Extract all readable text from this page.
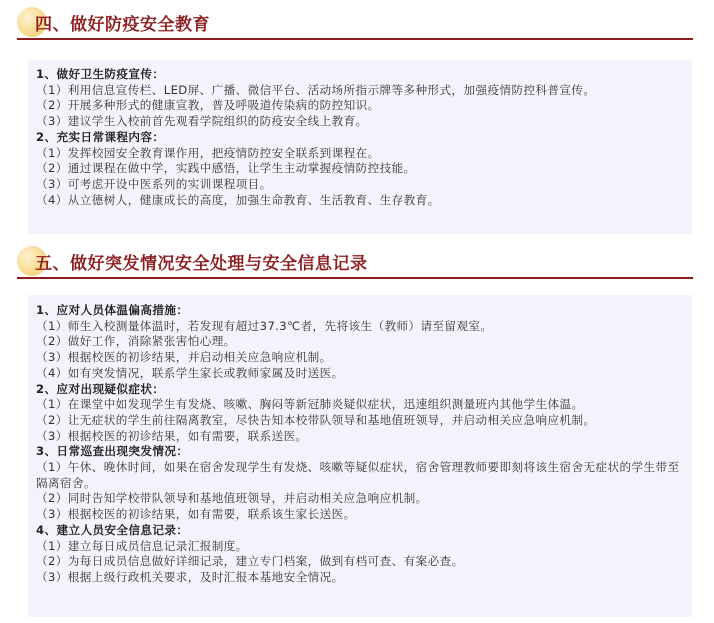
四、做好防疫安全教育
1、做好卫生防疫宣传：
（1）利用信息宣传栏、LED屏、广播、微信平台、活动场所指示牌等多种形式，加强疫情防控科普宣传。
（2）开展多种形式的健康宣教，普及呼吸道传染病的防控知识。
（3）建议学生入校前首先观看学院组织的防疫安全线上教育。
2、充实日常课程内容：
（1）发挥校园安全教育课作用，把疫情防控安全联系到课程在。
（2）通过课程在做中学，实践中感悟，让学生主动掌握疫情防控技能。
（3）可考虑开设中医系列的实训课程项目。
（4）从立德树人，健康成长的高度，加强生命教育、生活教育、生存教育。
五、做好突发情况安全处理与安全信息记录
1、应对人员体温偏高措施：
（1）师生入校测量体温时，若发现有超过37.3℃者，先将该生（教师）请至留观室。
（2）做好工作，消除紧张害怕心理。
（3）根据校医的初诊结果，并启动相关应急响应机制。
（4）如有突发情况，联系学生家长或教师家属及时送医。
2、应对出现疑似症状：
（1）在课堂中如发现学生有发烧、咳嗽、胸闷等新冠肺炎疑似症状，迅速组织测量班内其他学生体温。
（2）让无症状的学生前往隔离教室，尽快告知本校带队领导和基地值班领导，并启动相关应急响应机制。
（3）根据校医的初诊结果，如有需要，联系送医。
3、日常巡查出现突发情况：
（1）午休、晚休时间，如果在宿舍发现学生有发烧、咳嗽等疑似症状，宿舍管理教师要即刻将该生宿舍无症状的学生带至隔离宿舍。
（2）同时告知学校带队领导和基地值班领导，并启动相关应急响应机制。
（3）根据校医的初诊结果，如有需要，联系该生家长送医。
4、建立人员安全信息记录：
（1）建立每日成员信息记录汇报制度。
（2）为每日成员信息做好详细记录，建立专门档案，做到有档可查、有案必查。
（3）根据上级行政机关要求，及时汇报本基地安全情况。
